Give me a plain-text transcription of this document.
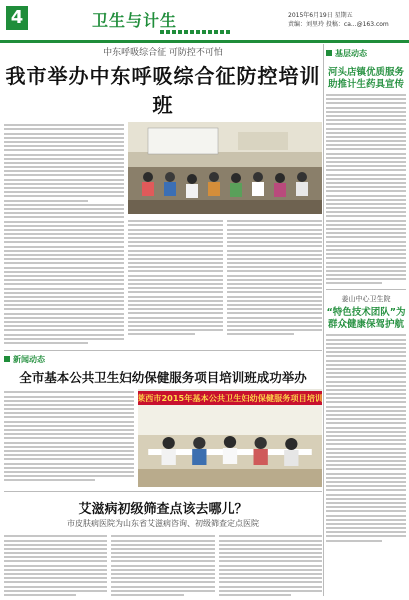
4	卫生与计生	2015年6月19日 星期五
责编：刘里玲 投稿：ca...@163.com
中东呼吸综合征 可防控不可怕
我市举办中东呼吸综合征防控培训班
新闻动态
全市基本公共卫生妇幼保健服务项目培训班成功举办
莱西市2015年基本公共卫生妇幼保健服务项目培训
艾滋病初级筛查点该去哪儿？
市皮肤病医院为山东省艾滋病咨询、初级筛查定点医院
基层动态
河头店镇优质服务助推计生药具宣传
姜山中心卫生院
“特色技术团队”为群众健康保驾护航
